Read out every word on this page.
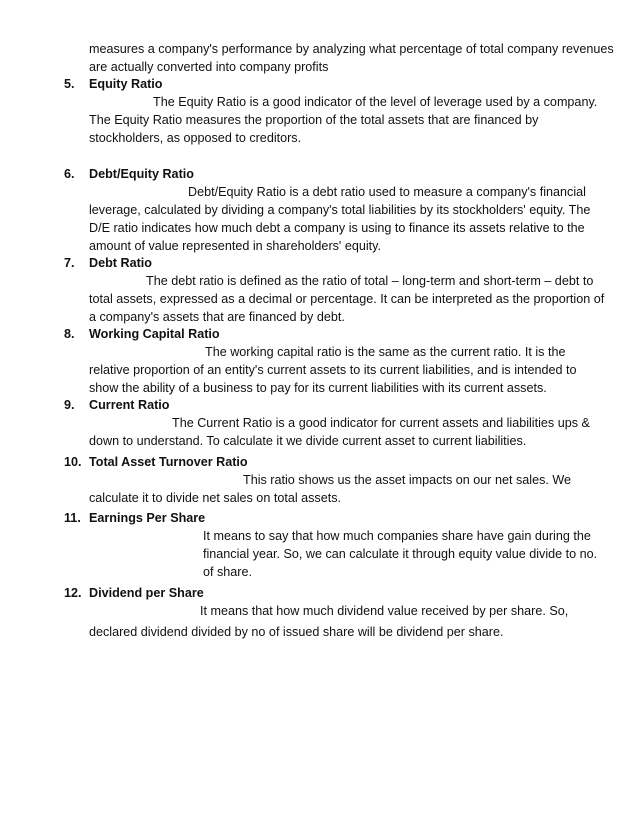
measures a company's performance by analyzing what percentage of total company revenues
are actually converted into company profits
5. Equity Ratio
The Equity Ratio is a good indicator of the level of leverage used by a company.
The Equity Ratio measures the proportion of the total assets that are financed by
stockholders, as opposed to creditors.
6. Debt/Equity Ratio
Debt/Equity Ratio is a debt ratio used to measure a company's financial
leverage, calculated by dividing a company's total liabilities by its stockholders' equity. The
D/E ratio indicates how much debt a company is using to finance its assets relative to the
amount of value represented in shareholders' equity.
7. Debt Ratio
The debt ratio is defined as the ratio of total – long-term and short-term – debt to
total assets, expressed as a decimal or percentage. It can be interpreted as the proportion of
a company's assets that are financed by debt.
8. Working Capital Ratio
The working capital ratio is the same as the current ratio. It is the
relative proportion of an entity's current assets to its current liabilities, and is intended to
show the ability of a business to pay for its current liabilities with its current assets.
9. Current Ratio
The Current Ratio is a good indicator for current assets and liabilities ups &
down to understand. To calculate it we divide current asset to current liabilities.
10. Total Asset Turnover Ratio
This ratio shows us the asset impacts on our net sales. We
calculate it to divide net sales on total assets.
11. Earnings Per Share
It means to say that how much companies share have gain during the
financial year. So, we can calculate it through equity value divide to no.
of share.
12. Dividend per Share
It means that how much dividend value received by per share. So,
declared dividend divided by no of issued share will be dividend per share.
